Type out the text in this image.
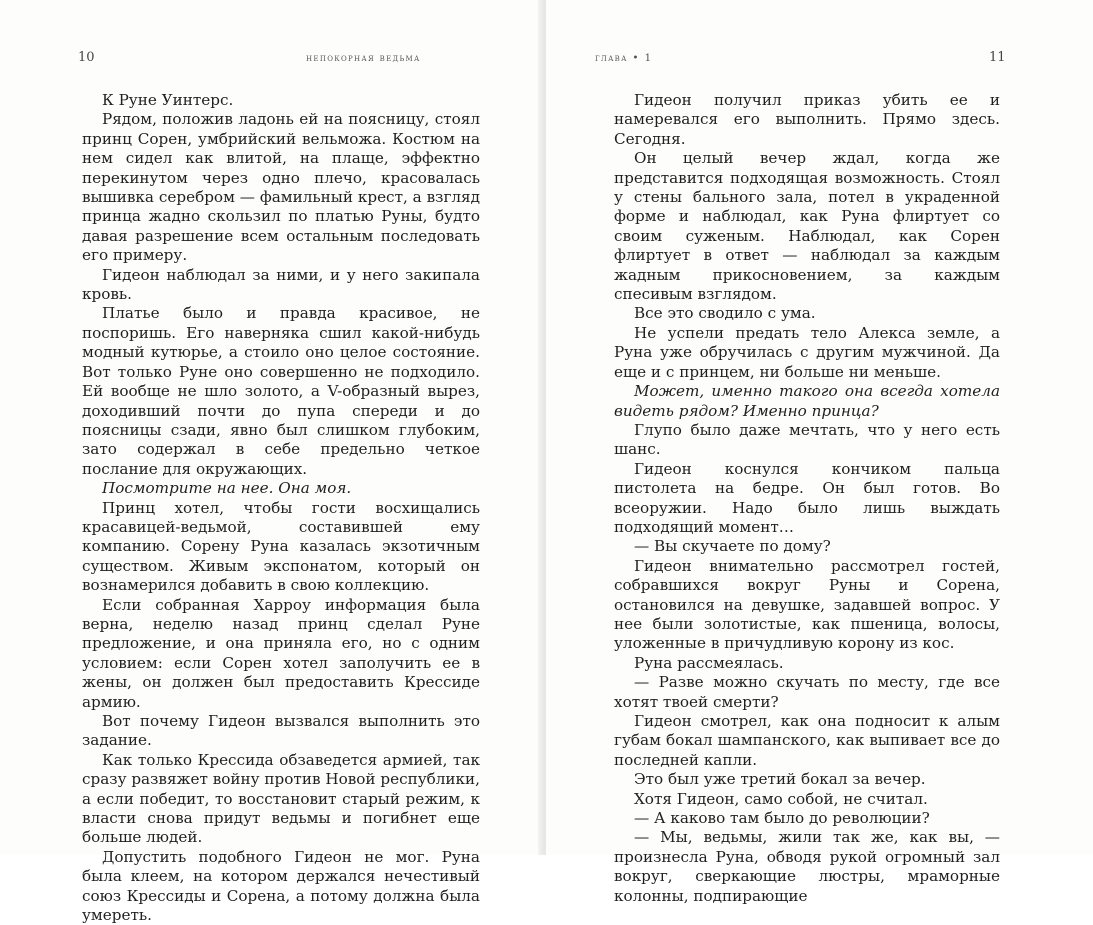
10	непокорная ведьма

К Руне Уинтерс.

Рядом, положив ладонь ей на поясницу, стоял принц Сорен, умбрийский вельможа. Костюм на нем сидел как влитой, на плаще, эффектно перекинутом через одно плечо, красовалась вышивка серебром — фамильный крест, а взгляд принца жадно скользил по платью Руны, будто давая разрешение всем остальным последовать его примеру.

Гидеон наблюдал за ними, и у него закипала кровь.

Платье было и правда красивое, не поспоришь. Его наверняка сшил какой-нибудь модный кутюрье, а стоило оно целое состояние. Вот только Руне оно совершенно не подходило. Ей вообще не шло золото, а V-образный вырез, доходивший почти до пупа спереди и до поясницы сзади, явно был слишком глубоким, зато содержал в себе предельно четкое послание для окружающих.

Посмотрите на нее. Она моя.

Принц хотел, чтобы гости восхищались красавицей-ведьмой, составившей ему компанию. Сорену Руна казалась экзотичным существом. Живым экспонатом, который он вознамерился добавить в свою коллекцию.

Если собранная Харроу информация была верна, неделю назад принц сделал Руне предложение, и она приняла его, но с одним условием: если Сорен хотел заполучить ее в жены, он должен был предоставить Крессиде армию.

Вот почему Гидеон вызвался выполнить это задание.

Как только Крессида обзаведется армией, так сразу развяжет войну против Новой республики, а если победит, то восстановит старый режим, к власти снова придут ведьмы и погибнет еще больше людей.

Допустить подобного Гидеон не мог. Руна была клеем, на котором держался нечестивый союз Крессиды и Сорена, а потому должна была умереть.

глава • 1	11

Гидеон получил приказ убить ее и намеревался его выполнить. Прямо здесь. Сегодня.

Он целый вечер ждал, когда же представится подходящая возможность. Стоял у стены бального зала, потел в украденной форме и наблюдал, как Руна флиртует со своим суженым. Наблюдал, как Сорен флиртует в ответ — наблюдал за каждым жадным прикосновением, за каждым спесивым взглядом.

Все это сводило с ума.

Не успели предать тело Алекса земле, а Руна уже обручилась с другим мужчиной. Да еще и с принцем, ни больше ни меньше.

Может, именно такого она всегда хотела видеть рядом? Именно принца?

Глупо было даже мечтать, что у него есть шанс.

Гидеон коснулся кончиком пальца пистолета на бедре. Он был готов. Во всеоружии. Надо было лишь выждать подходящий момент…

— Вы скучаете по дому?

Гидеон внимательно рассмотрел гостей, собравшихся вокруг Руны и Сорена, остановился на девушке, задавшей вопрос. У нее были золотистые, как пшеница, волосы, уложенные в причудливую корону из кос.

Руна рассмеялась.

— Разве можно скучать по месту, где все хотят твоей смерти?

Гидеон смотрел, как она подносит к алым губам бокал шампанского, как выпивает все до последней капли.

Это был уже третий бокал за вечер.

Хотя Гидеон, само собой, не считал.

— А каково там было до революции?

— Мы, ведьмы, жили так же, как вы, — произнесла Руна, обводя рукой огромный зал вокруг, сверкающие люстры, мраморные колонны, подпирающие
